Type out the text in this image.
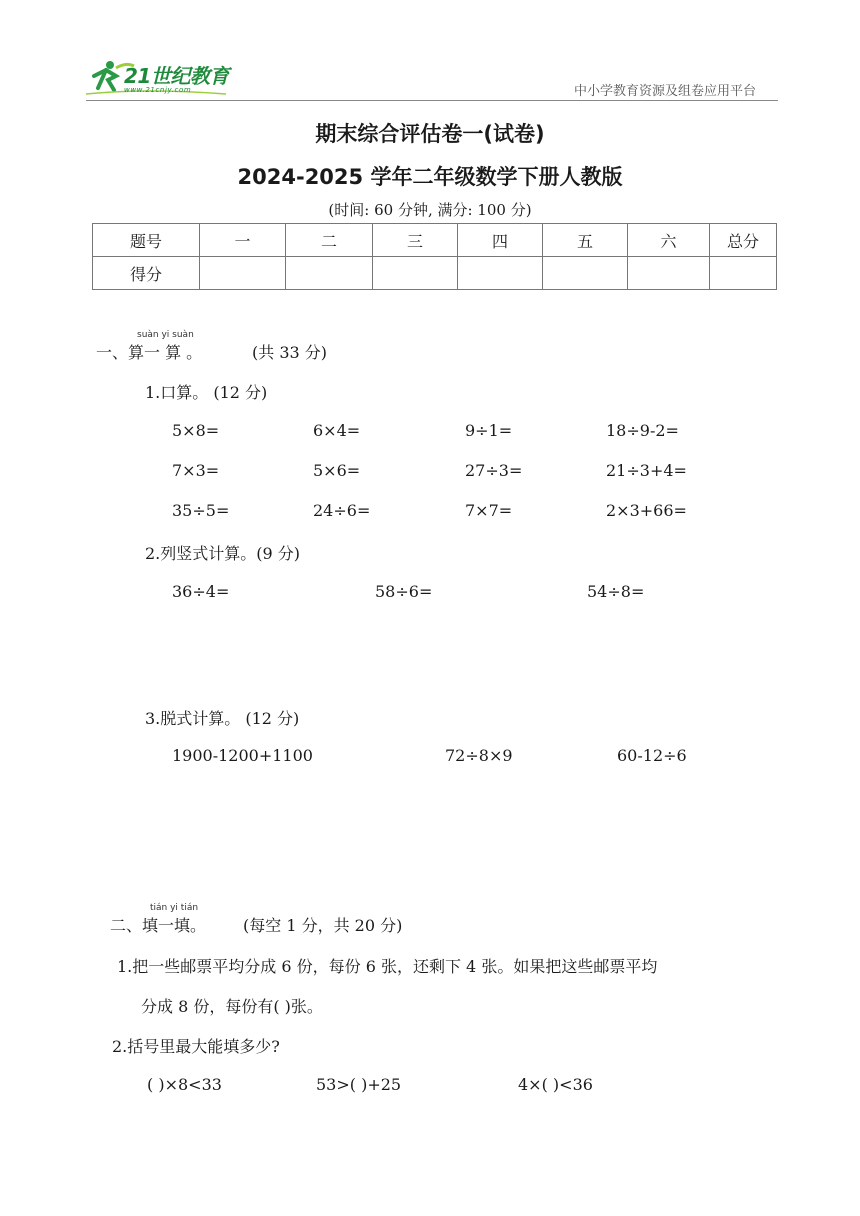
21世纪教育
www.21cnjy.com	中小学教育资源及组卷应用平台
期末综合评估卷一(试卷)
2024-2025 学年二年级数学下册人教版
(时间: 60 分钟, 满分: 100 分)
题号	一	二	三	四	五	六	总分
得分							
suàn yi suàn
一、算一 算 。	(共 33 分)
1.口算。 (12 分)
5×8=	6×4=	9÷1=	18÷9-2=
7×3=	5×6=	27÷3=	21÷3+4=
35÷5=	24÷6=	7×7=	2×3+66=
2.列竖式计算。(9 分)
36÷4=	58÷6=	54÷8=
3.脱式计算。 (12 分)
1900-1200+1100	72÷8×9	60-12÷6
tián yi tián
二、填一填。 (每空 1 分，共 20 分)
1.把一些邮票平均分成 6 份，每份 6 张，还剩下 4 张。如果把这些邮票平均
分成 8 份，每份有( )张。
2.括号里最大能填多少?
( )×8<33	53>( )+25	4×( )<36
